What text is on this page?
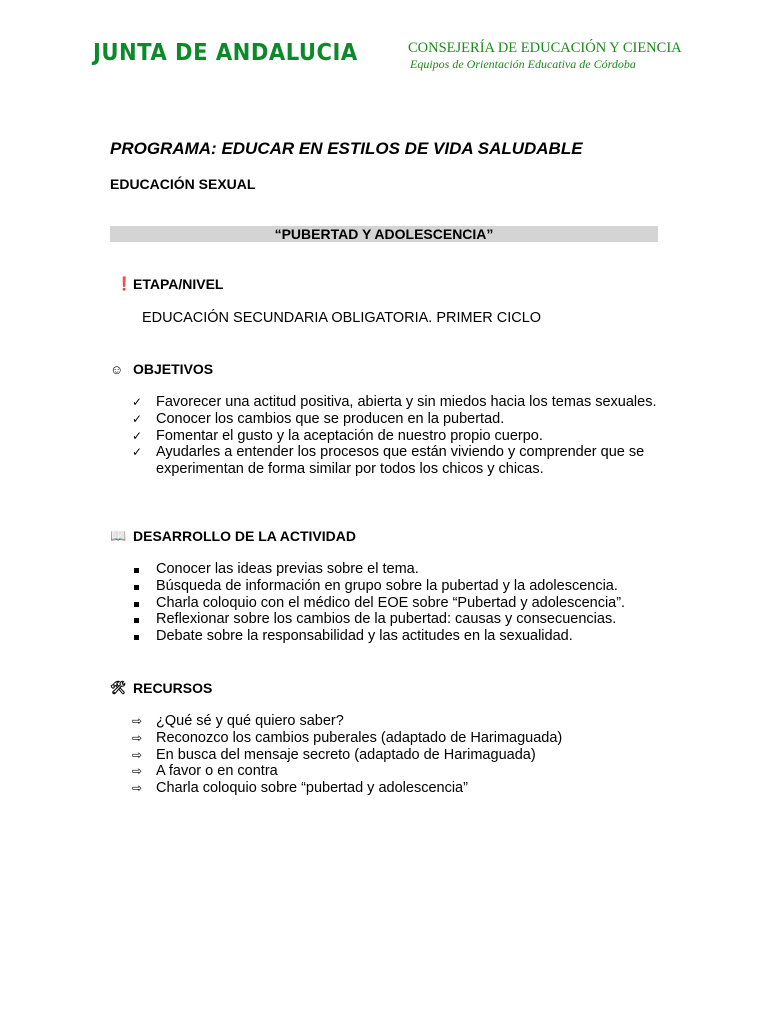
JUNTA DE ANDALUCIA	CONSEJERÍA DE EDUCACIÓN Y CIENCIA
Equipos de Orientación Educativa de Córdoba
PROGRAMA: EDUCAR EN ESTILOS DE VIDA SALUDABLE
EDUCACIÓN SEXUAL
“PUBERTAD Y ADOLESCENCIA”
❗ ETAPA/NIVEL
EDUCACIÓN SECUNDARIA OBLIGATORIA. PRIMER CICLO
☺ OBJETIVOS
✓ Favorecer una actitud positiva, abierta y sin miedos hacia los temas sexuales.
✓ Conocer los cambios que se producen en la pubertad.
✓ Fomentar el gusto y la aceptación de nuestro propio cuerpo.
✓ Ayudarles a entender los procesos que están viviendo y comprender que se experimentan de forma similar por todos los chicos y chicas.
📖 DESARROLLO DE LA ACTIVIDAD
Conocer las ideas previas sobre el tema.
Búsqueda de información en grupo sobre la pubertad y la adolescencia.
Charla coloquio con el médico del EOE sobre “Pubertad y adolescencia”.
Reflexionar sobre los cambios de la pubertad: causas y consecuencias.
Debate sobre la responsabilidad y las actitudes en la sexualidad.
🛠 RECURSOS
⇨ ¿Qué sé y qué quiero saber?
⇨ Reconozco los cambios puberales (adaptado de Harimaguada)
⇨ En busca del mensaje secreto (adaptado de Harimaguada)
⇨ A favor o en contra
⇨ Charla coloquio sobre “pubertad y adolescencia”
